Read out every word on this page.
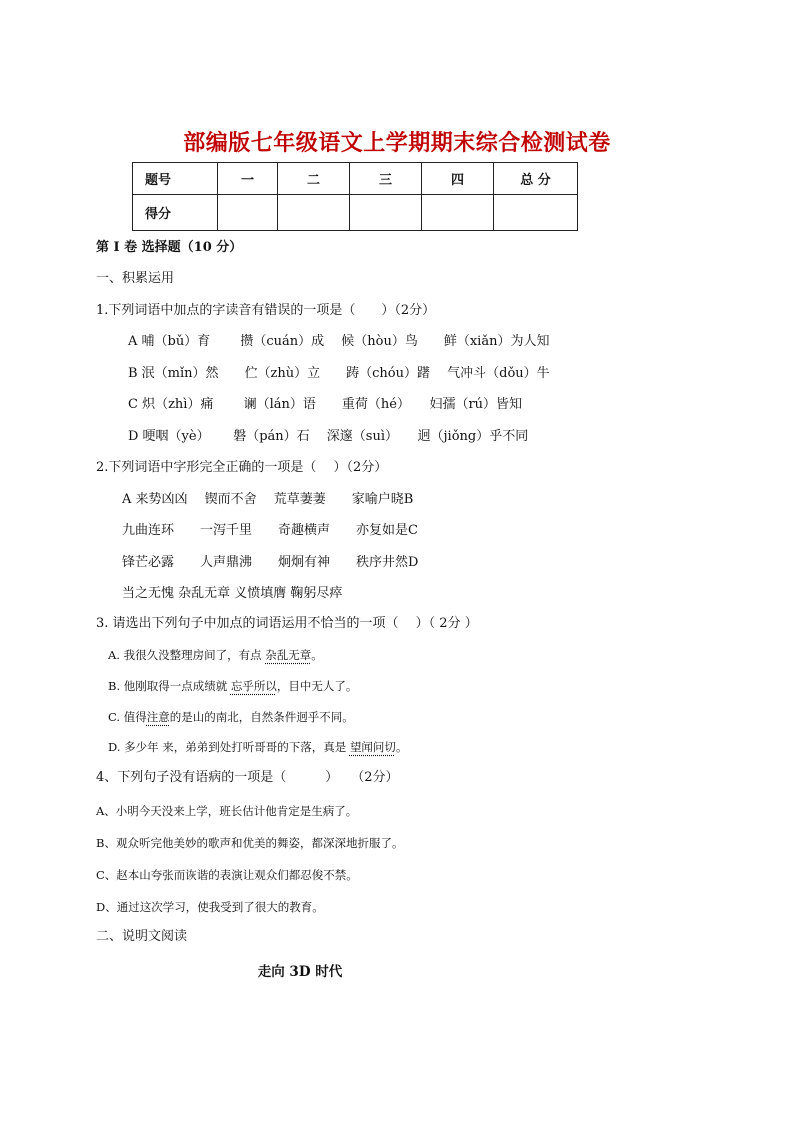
部编版七年级语文上学期期末综合检测试卷
题号	一	二	三	四	总 分
得分					
第 I 卷 选择题（10 分）
一、积累运用
1.下列词语中加点的字读音有错误的一项是（　　）（2分）
A 哺（bǔ）育　　 攒（cuán）成　 候（hòu）鸟　　鲜（xiǎn）为人知
B 泯（mǐn）然　　伫（zhù）立　　踌（chóu）躇　 气冲斗（dǒu）牛
C 炽（zhì）痛　　 谰（lán）语　　重荷（hé）　　妇孺（rú）皆知
D 哽咽（yè）　　 磐（pán）石　 深邃（suì）　　迥（jiǒng）乎不同
2.下列词语中字形完全正确的一项是（　 ）（2分）
A 来势凶凶　 锲而不舍　 荒草萋萋　　家喻户晓B
九曲连环　　一泻千里　　奇趣横声　　亦复如是C
锋芒必露　　人声鼎沸　　炯炯有神　　秩序井然D
当之无愧 杂乱无章 义愤填膺 鞠躬尽瘁
3. 请选出下列句子中加点的词语运用不恰当的一项（　 ）（ 2分 ）
A. 我很久没整理房间了，有点 杂乱无章。
B. 他刚取得一点成绩就 忘乎所以，目中无人了。
C. 值得注意的是山的南北，自然条件迥乎不同。
D. 多少年 来，弟弟到处打听哥哥的下落，真是 望闻问切。
4、下列句子没有语病的一项是（　　　）　　（2分）
A、小明今天没来上学，班长估计他肯定是生病了。
B、观众听完他美妙的歌声和优美的舞姿，都深深地折服了。
C、赵本山夸张而诙谐的表演让观众们都忍俊不禁。
D、通过这次学习，使我受到了很大的教育。
二、说明文阅读
走向 3D 时代
